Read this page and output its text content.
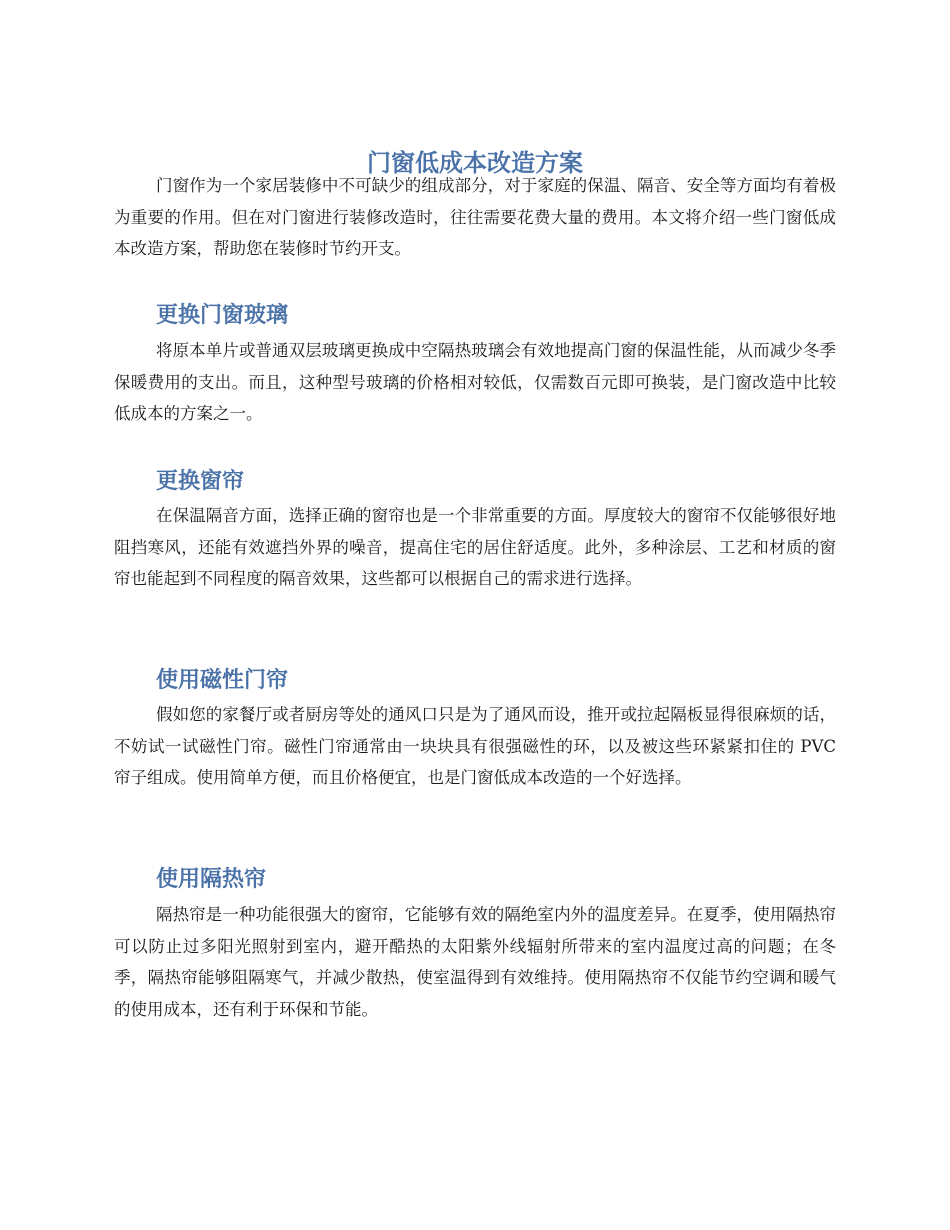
门窗低成本改造方案

门窗作为一个家居装修中不可缺少的组成部分，对于家庭的保温、隔音、安全等方面均有着极为重要的作用。但在对门窗进行装修改造时，往往需要花费大量的费用。本文将介绍一些门窗低成本改造方案，帮助您在装修时节约开支。

更换门窗玻璃

将原本单片或普通双层玻璃更换成中空隔热玻璃会有效地提高门窗的保温性能，从而减少冬季保暖费用的支出。而且，这种型号玻璃的价格相对较低，仅需数百元即可换装，是门窗改造中比较低成本的方案之一。

更换窗帘

在保温隔音方面，选择正确的窗帘也是一个非常重要的方面。厚度较大的窗帘不仅能够很好地阻挡寒风，还能有效遮挡外界的噪音，提高住宅的居住舒适度。此外，多种涂层、工艺和材质的窗帘也能起到不同程度的隔音效果，这些都可以根据自己的需求进行选择。

使用磁性门帘

假如您的家餐厅或者厨房等处的通风口只是为了通风而设，推开或拉起隔板显得很麻烦的话，不妨试一试磁性门帘。磁性门帘通常由一块块具有很强磁性的环，以及被这些环紧紧扣住的 PVC 帘子组成。使用简单方便，而且价格便宜，也是门窗低成本改造的一个好选择。

使用隔热帘

隔热帘是一种功能很强大的窗帘，它能够有效的隔绝室内外的温度差异。在夏季，使用隔热帘可以防止过多阳光照射到室内，避开酷热的太阳紫外线辐射所带来的室内温度过高的问题；在冬季，隔热帘能够阻隔寒气，并减少散热，使室温得到有效维持。使用隔热帘不仅能节约空调和暖气的使用成本，还有利于环保和节能。
